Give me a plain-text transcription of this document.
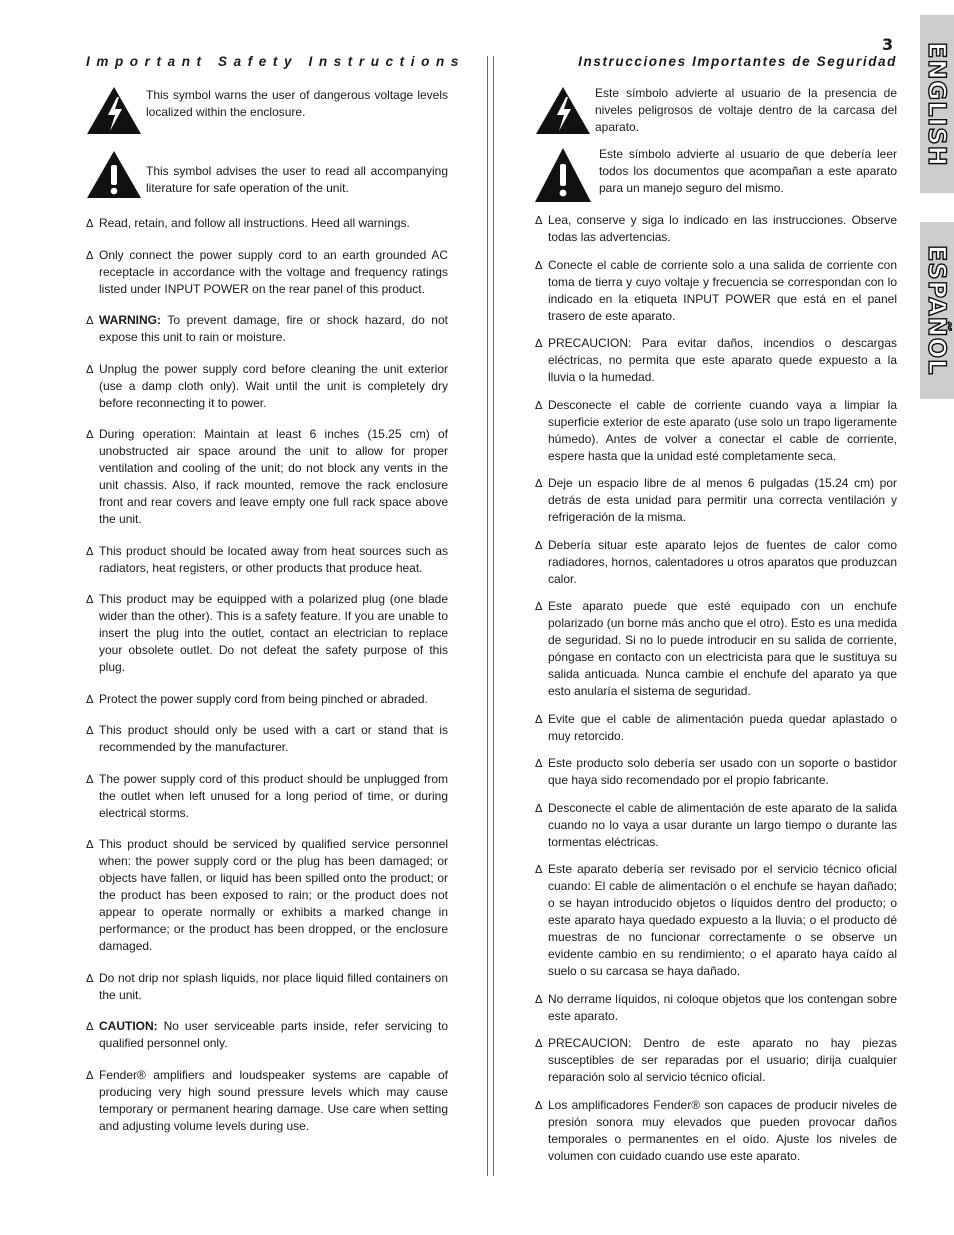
3 ENGLISH
ESPAÑOL
Important Safety Instructions
This symbol warns the user of dangerous voltage levels localized within the enclosure.
This symbol advises the user to read all accompanying literature for safe operation of the unit.
Δ Read, retain, and follow all instructions. Heed all warnings.
Δ Only connect the power supply cord to an earth grounded AC receptacle in accordance with the voltage and frequency ratings listed under INPUT POWER on the rear panel of this product.
Δ WARNING: To prevent damage, fire or shock hazard, do not expose this unit to rain or moisture.
Δ Unplug the power supply cord before cleaning the unit exterior (use a damp cloth only). Wait until the unit is completely dry before reconnecting it to power.
Δ During operation: Maintain at least 6 inches (15.25 cm) of unobstructed air space around the unit to allow for proper ventilation and cooling of the unit; do not block any vents in the unit chassis. Also, if rack mounted, remove the rack enclosure front and rear covers and leave empty one full rack space above the unit.
Δ This product should be located away from heat sources such as radiators, heat registers, or other products that produce heat.
Δ This product may be equipped with a polarized plug (one blade wider than the other). This is a safety feature. If you are unable to insert the plug into the outlet, contact an electrician to replace your obsolete outlet. Do not defeat the safety purpose of this plug.
Δ Protect the power supply cord from being pinched or abraded.
Δ This product should only be used with a cart or stand that is recommended by the manufacturer.
Δ The power supply cord of this product should be unplugged from the outlet when left unused for a long period of time, or during electrical storms.
Δ This product should be serviced by qualified service personnel when: the power supply cord or the plug has been damaged; or objects have fallen, or liquid has been spilled onto the product; or the product has been exposed to rain; or the product does not appear to operate normally or exhibits a marked change in performance; or the product has been dropped, or the enclosure damaged.
Δ Do not drip nor splash liquids, nor place liquid filled containers on the unit.
Δ CAUTION: No user serviceable parts inside, refer servicing to qualified personnel only.
Δ Fender® amplifiers and loudspeaker systems are capable of producing very high sound pressure levels which may cause temporary or permanent hearing damage. Use care when setting and adjusting volume levels during use.
Instrucciones Importantes de Seguridad
Este símbolo advierte al usuario de la presencia de niveles peligrosos de voltaje dentro de la carcasa del aparato.
Este símbolo advierte al usuario de que debería leer todos los documentos que acompañan a este aparato para un manejo seguro del mismo.
Δ Lea, conserve y siga lo indicado en las instrucciones. Observe todas las advertencias.
Δ Conecte el cable de corriente solo a una salida de corriente con toma de tierra y cuyo voltaje y frecuencia se correspondan con lo indicado en la etiqueta INPUT POWER que está en el panel trasero de este aparato.
Δ PRECAUCION: Para evitar daños, incendios o descargas eléctricas, no permita que este aparato quede expuesto a la lluvia o la humedad.
Δ Desconecte el cable de corriente cuando vaya a limpiar la superficie exterior de este aparato (use solo un trapo ligeramente húmedo). Antes de volver a conectar el cable de corriente, espere hasta que la unidad esté completamente seca.
Δ Deje un espacio libre de al menos 6 pulgadas (15.24 cm) por detrás de esta unidad para permitir una correcta ventilación y refrigeración de la misma.
Δ Debería situar este aparato lejos de fuentes de calor como radiadores, hornos, calentadores u otros aparatos que produzcan calor.
Δ Este aparato puede que esté equipado con un enchufe polarizado (un borne más ancho que el otro). Esto es una medida de seguridad. Si no lo puede introducir en su salida de corriente, póngase en contacto con un electricista para que le sustituya su salida anticuada. Nunca cambie el enchufe del aparato ya que esto anularía el sistema de seguridad.
Δ Evite que el cable de alimentación pueda quedar aplastado o muy retorcido.
Δ Este producto solo debería ser usado con un soporte o bastidor que haya sido recomendado por el propio fabricante.
Δ Desconecte el cable de alimentación de este aparato de la salida cuando no lo vaya a usar durante un largo tiempo o durante las tormentas eléctricas.
Δ Este aparato debería ser revisado por el servicio técnico oficial cuando: El cable de alimentación o el enchufe se hayan dañado; o se hayan introducido objetos o líquidos dentro del producto; o este aparato haya quedado expuesto a la lluvia; o el producto dé muestras de no funcionar correctamente o se observe un evidente cambio en su rendimiento; o el aparato haya caído al suelo o su carcasa se haya dañado.
Δ No derrame líquidos, ni coloque objetos que los contengan sobre este aparato.
Δ PRECAUCION: Dentro de este aparato no hay piezas susceptibles de ser reparadas por el usuario; dirija cualquier reparación solo al servicio técnico oficial.
Δ Los amplificadores Fender® son capaces de producir niveles de presión sonora muy elevados que pueden provocar daños temporales o permanentes en el oído. Ajuste los niveles de volumen con cuidado cuando use este aparato.
